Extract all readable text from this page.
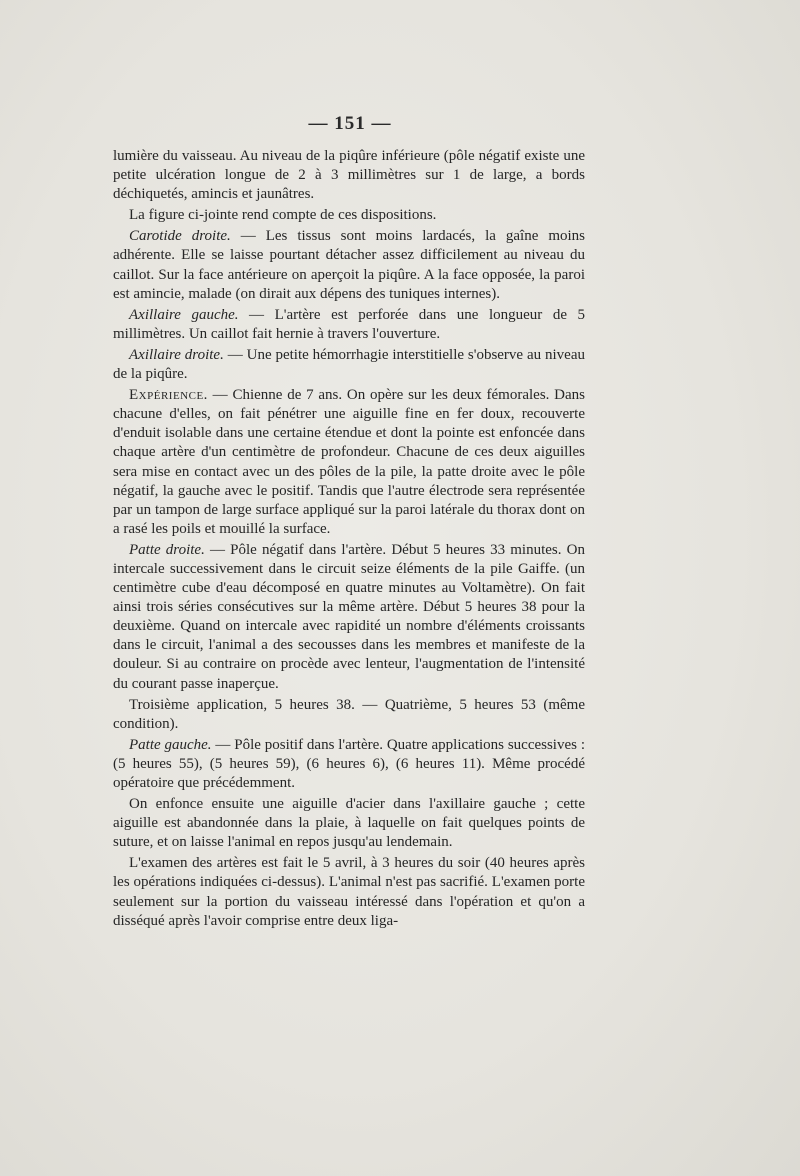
— 151 —

lumière du vaisseau. Au niveau de la piqûre inférieure (pôle négatif existe une petite ulcération longue de 2 à 3 millimètres sur 1 de large, a bords déchiquetés, amincis et jaunâtres.

La figure ci-jointe rend compte de ces dispositions.

Carotide droite. — Les tissus sont moins lardacés, la gaîne moins adhérente. Elle se laisse pourtant détacher assez difficilement au niveau du caillot. Sur la face antérieure on aperçoit la piqûre. A la face opposée, la paroi est amincie, malade (on dirait aux dépens des tuniques internes).

Axillaire gauche. — L'artère est perforée dans une longueur de 5 millimètres. Un caillot fait hernie à travers l'ouverture.

Axillaire droite. — Une petite hémorrhagie interstitielle s'observe au niveau de la piqûre.

Expérience. — Chienne de 7 ans. On opère sur les deux fémorales. Dans chacune d'elles, on fait pénétrer une aiguille fine en fer doux, recouverte d'enduit isolable dans une certaine étendue et dont la pointe est enfoncée dans chaque artère d'un centimètre de profondeur. Chacune de ces deux aiguilles sera mise en contact avec un des pôles de la pile, la patte droite avec le pôle négatif, la gauche avec le positif. Tandis que l'autre électrode sera représentée par un tampon de large surface appliqué sur la paroi latérale du thorax dont on a rasé les poils et mouillé la surface.

Patte droite. — Pôle négatif dans l'artère. Début 5 heures 33 minutes. On intercale successivement dans le circuit seize éléments de la pile Gaiffe. (un centimètre cube d'eau décomposé en quatre minutes au Voltamètre). On fait ainsi trois séries consécutives sur la même artère. Début 5 heures 38 pour la deuxième. Quand on intercale avec rapidité un nombre d'éléments croissants dans le circuit, l'animal a des secousses dans les membres et manifeste de la douleur. Si au contraire on procède avec lenteur, l'augmentation de l'intensité du courant passe inaperçue.

Troisième application, 5 heures 38. — Quatrième, 5 heures 53 (même condition).

Patte gauche. — Pôle positif dans l'artère. Quatre applications successives : (5 heures 55), (5 heures 59), (6 heures 6), (6 heures 11). Même procédé opératoire que précédemment.

On enfonce ensuite une aiguille d'acier dans l'axillaire gauche ; cette aiguille est abandonnée dans la plaie, à laquelle on fait quelques points de suture, et on laisse l'animal en repos jusqu'au lendemain.

L'examen des artères est fait le 5 avril, à 3 heures du soir (40 heures après les opérations indiquées ci-dessus). L'animal n'est pas sacrifié. L'examen porte seulement sur la portion du vaisseau intéressé dans l'opération et qu'on a disséqué après l'avoir comprise entre deux liga-
